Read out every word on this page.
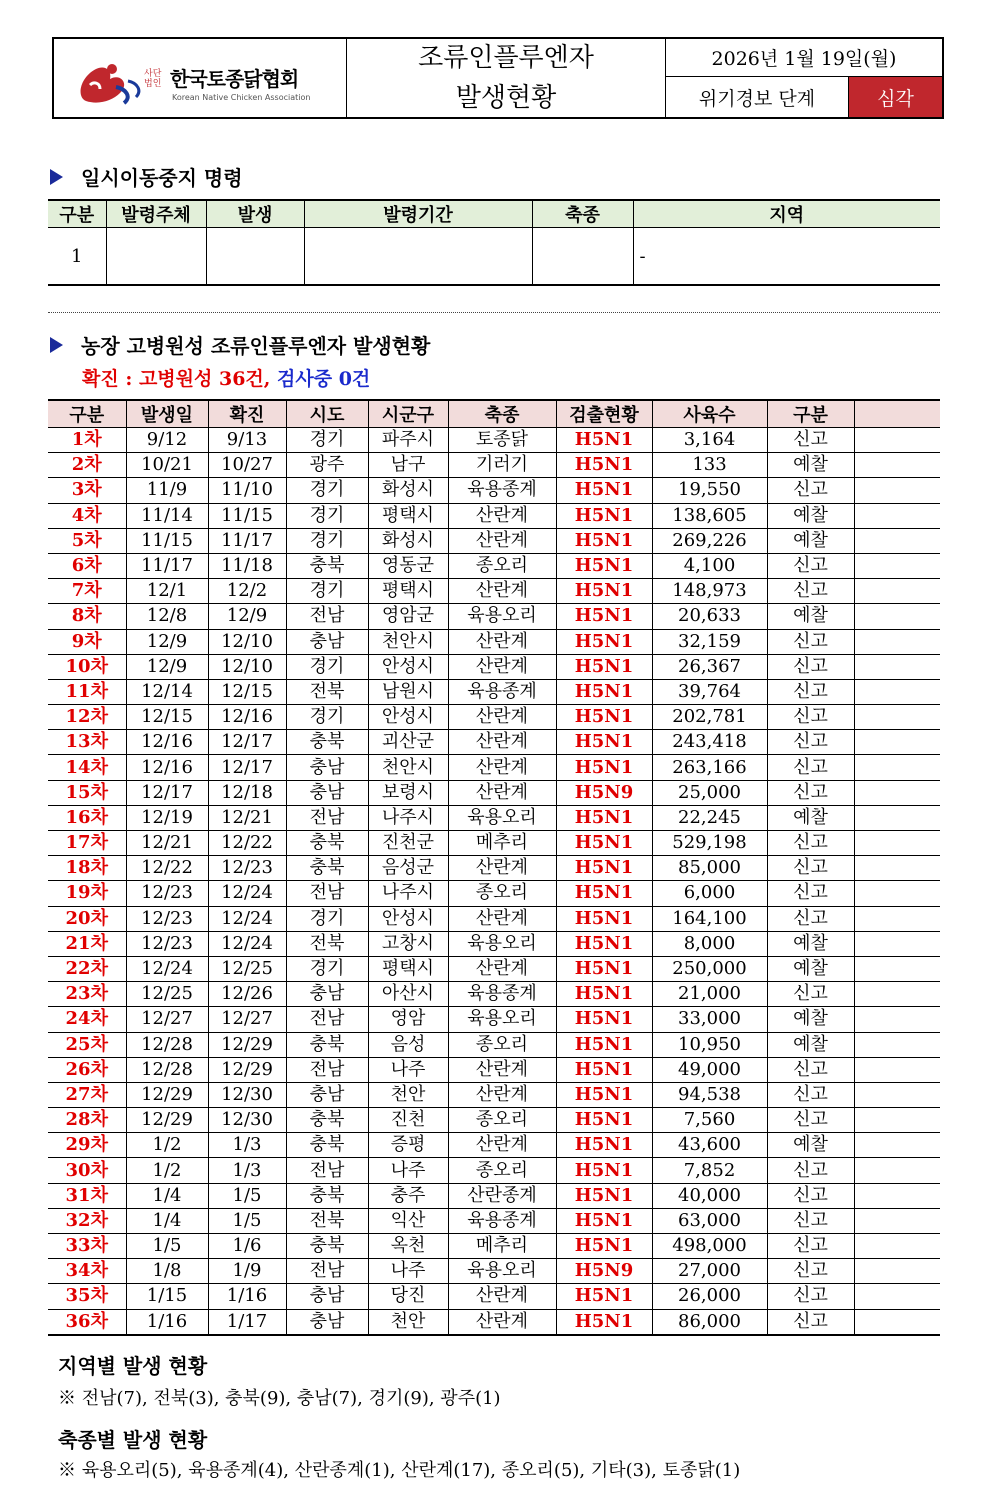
사단
법인 한국토종닭협회
Korean Native Chicken Association
조류인플루엔자
발생현황
2026년 1월 19일(월)
위기경보 단계	심각
일시이동중지 명령
구분	발령주체	발생	발령기간	축종	지역
1					-
농장 고병원성 조류인플루엔자 발생현황
확진 : 고병원성 36건, 검사중 0건
구분	발생일	확진	시도	시군구	축종	검출현황	사육수	구분	
1차	9/12	9/13	경기	파주시	토종닭	H5N1	3,164	신고	
2차	10/21	10/27	광주	남구	기러기	H5N1	133	예찰	
3차	11/9	11/10	경기	화성시	육용종계	H5N1	19,550	신고	
4차	11/14	11/15	경기	평택시	산란계	H5N1	138,605	예찰	
5차	11/15	11/17	경기	화성시	산란계	H5N1	269,226	예찰	
6차	11/17	11/18	충북	영동군	종오리	H5N1	4,100	신고	
7차	12/1	12/2	경기	평택시	산란계	H5N1	148,973	신고	
8차	12/8	12/9	전남	영암군	육용오리	H5N1	20,633	예찰	
9차	12/9	12/10	충남	천안시	산란계	H5N1	32,159	신고	
10차	12/9	12/10	경기	안성시	산란계	H5N1	26,367	신고	
11차	12/14	12/15	전북	남원시	육용종계	H5N1	39,764	신고	
12차	12/15	12/16	경기	안성시	산란계	H5N1	202,781	신고	
13차	12/16	12/17	충북	괴산군	산란계	H5N1	243,418	신고	
14차	12/16	12/17	충남	천안시	산란계	H5N1	263,166	신고	
15차	12/17	12/18	충남	보령시	산란계	H5N9	25,000	신고	
16차	12/19	12/21	전남	나주시	육용오리	H5N1	22,245	예찰	
17차	12/21	12/22	충북	진천군	메추리	H5N1	529,198	신고	
18차	12/22	12/23	충북	음성군	산란계	H5N1	85,000	신고	
19차	12/23	12/24	전남	나주시	종오리	H5N1	6,000	신고	
20차	12/23	12/24	경기	안성시	산란계	H5N1	164,100	신고	
21차	12/23	12/24	전북	고창시	육용오리	H5N1	8,000	예찰	
22차	12/24	12/25	경기	평택시	산란계	H5N1	250,000	예찰	
23차	12/25	12/26	충남	아산시	육용종계	H5N1	21,000	신고	
24차	12/27	12/27	전남	영암	육용오리	H5N1	33,000	예찰	
25차	12/28	12/29	충북	음성	종오리	H5N1	10,950	예찰	
26차	12/28	12/29	전남	나주	산란계	H5N1	49,000	신고	
27차	12/29	12/30	충남	천안	산란계	H5N1	94,538	신고	
28차	12/29	12/30	충북	진천	종오리	H5N1	7,560	신고	
29차	1/2	1/3	충북	증평	산란계	H5N1	43,600	예찰	
30차	1/2	1/3	전남	나주	종오리	H5N1	7,852	신고	
31차	1/4	1/5	충북	충주	산란종계	H5N1	40,000	신고	
32차	1/4	1/5	전북	익산	육용종계	H5N1	63,000	신고	
33차	1/5	1/6	충북	옥천	메추리	H5N1	498,000	신고	
34차	1/8	1/9	전남	나주	육용오리	H5N9	27,000	신고	
35차	1/15	1/16	충남	당진	산란계	H5N1	26,000	신고	
36차	1/16	1/17	충남	천안	산란계	H5N1	86,000	신고	
지역별 발생 현황
※ 전남(7), 전북(3), 충북(9), 충남(7), 경기(9), 광주(1)
축종별 발생 현황
※ 육용오리(5), 육용종계(4), 산란종계(1), 산란계(17), 종오리(5), 기타(3), 토종닭(1)
